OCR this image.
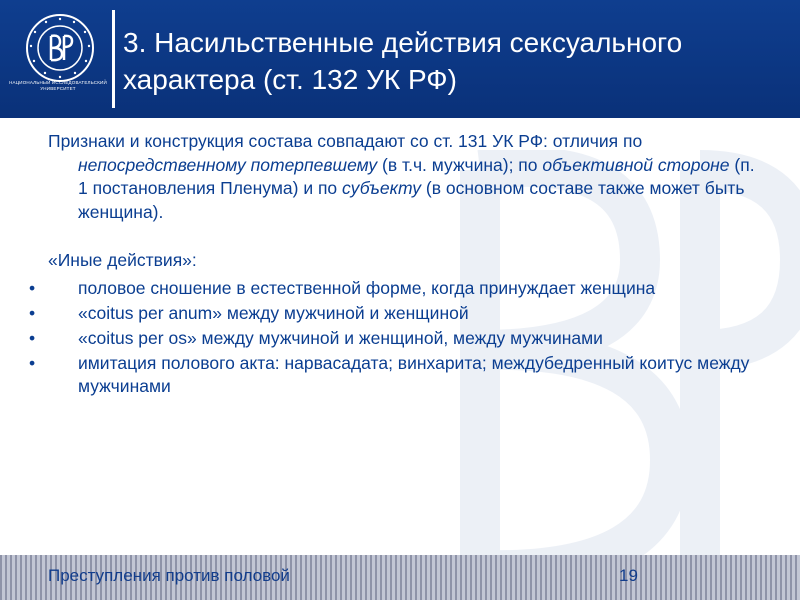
НАЦИОНАЛЬНЫЙ ИССЛЕДОВАТЕЛЬСКИЙ УНИВЕРСИТЕТ
3. Насильственные действия сексуального характера (ст. 132 УК РФ)

Признаки и конструкция состава совпадают со ст. 131 УК РФ: отличия по непосредственному потерпевшему (в т.ч. мужчина); по объективной стороне (п. 1 постановления Пленума) и по субъекту (в основном составе также может быть женщина).

«Иные действия»:

• половое сношение в естественной форме, когда принуждает женщина
• «coitus per anum» между мужчиной и женщиной
• «coitus per os» между мужчиной и женщиной, между мужчинами
• имитация полового акта: нарвасадата; винхарита; междубедренный коитус между мужчинами
Преступления против половой	19
